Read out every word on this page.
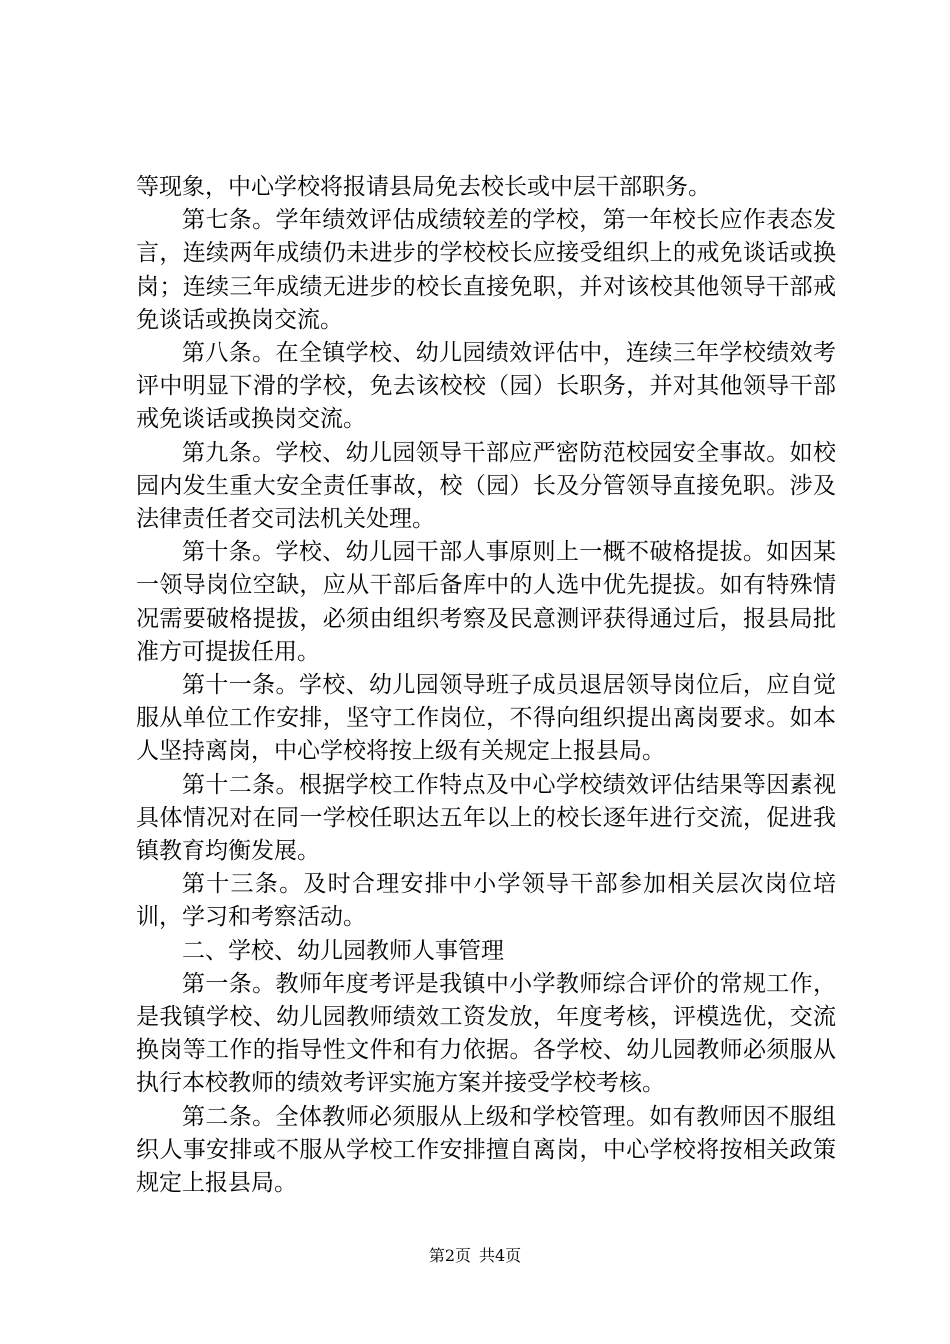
等现象，中心学校将报请县局免去校长或中层干部职务。

第七条。学年绩效评估成绩较差的学校，第一年校长应作表态发言，连续两年成绩仍未进步的学校校长应接受组织上的戒免谈话或换岗；连续三年成绩无进步的校长直接免职，并对该校其他领导干部戒免谈话或换岗交流。

第八条。在全镇学校、幼儿园绩效评估中，连续三年学校绩效考评中明显下滑的学校，免去该校校（园）长职务，并对其他领导干部戒免谈话或换岗交流。

第九条。学校、幼儿园领导干部应严密防范校园安全事故。如校园内发生重大安全责任事故，校（园）长及分管领导直接免职。涉及法律责任者交司法机关处理。

第十条。学校、幼儿园干部人事原则上一概不破格提拔。如因某一领导岗位空缺，应从干部后备库中的人选中优先提拔。如有特殊情况需要破格提拔，必须由组织考察及民意测评获得通过后，报县局批准方可提拔任用。

第十一条。学校、幼儿园领导班子成员退居领导岗位后，应自觉服从单位工作安排，坚守工作岗位，不得向组织提出离岗要求。如本人坚持离岗，中心学校将按上级有关规定上报县局。

第十二条。根据学校工作特点及中心学校绩效评估结果等因素视具体情况对在同一学校任职达五年以上的校长逐年进行交流，促进我镇教育均衡发展。

第十三条。及时合理安排中小学领导干部参加相关层次岗位培训，学习和考察活动。

二、学校、幼儿园教师人事管理

第一条。教师年度考评是我镇中小学教师综合评价的常规工作，是我镇学校、幼儿园教师绩效工资发放，年度考核，评模选优，交流换岗等工作的指导性文件和有力依据。各学校、幼儿园教师必须服从执行本校教师的绩效考评实施方案并接受学校考核。

第二条。全体教师必须服从上级和学校管理。如有教师因不服组织人事安排或不服从学校工作安排擅自离岗，中心学校将按相关政策规定上报县局。

第2页 共4页
